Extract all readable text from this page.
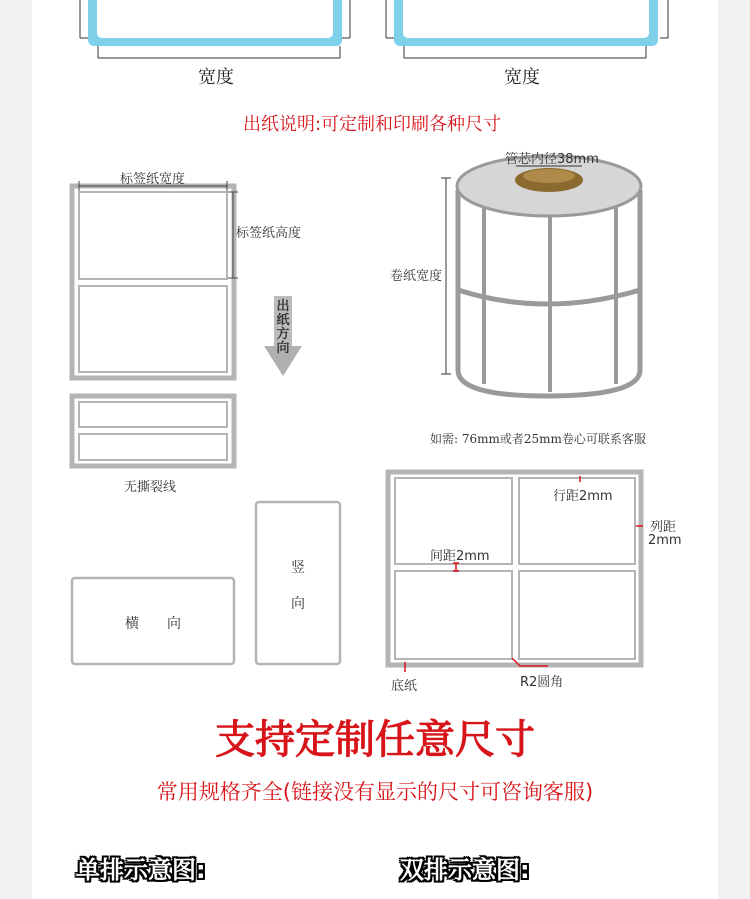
宽度	宽度
出纸说明:可定制和印刷各种尺寸
标签纸宽度
标签纸高度
出
纸
方
向
无撕裂线
横　　向
竖
向
管芯内径38mm
卷纸宽度
如需: 76mm或者25mm卷心可联系客服
行距2mm
列距
2mm
间距2mm
底纸	R2圆角
支持定制任意尺寸
常用规格齐全(链接没有显示的尺寸可咨询客服)
单排示意图:	双排示意图:
